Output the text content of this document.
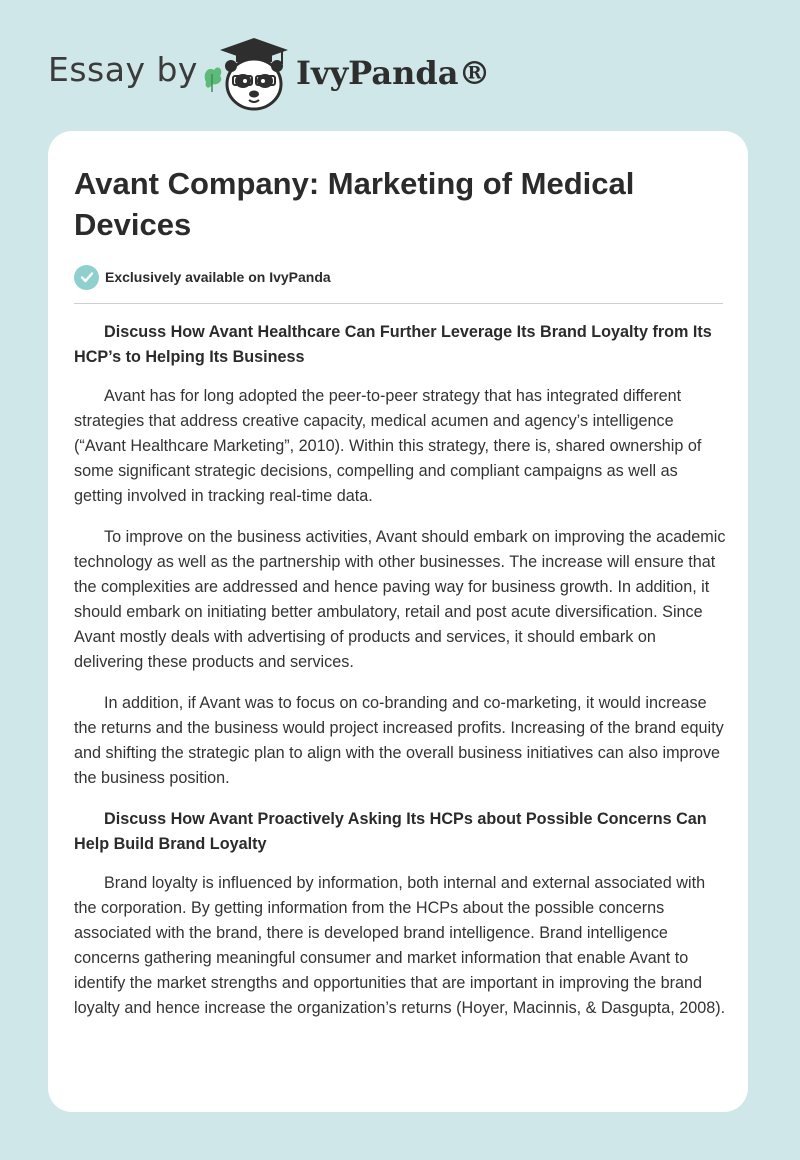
Essay by	IvyPanda®
Avant Company: Marketing of Medical Devices
Exclusively available on IvyPanda

Discuss How Avant Healthcare Can Further Leverage Its Brand Loyalty from Its HCP’s to Helping Its Business

Avant has for long adopted the peer-to-peer strategy that has integrated different strategies that address creative capacity, medical acumen and agency’s intelligence (“Avant Healthcare Marketing”, 2010). Within this strategy, there is, shared ownership of some significant strategic decisions, compelling and compliant campaigns as well as getting involved in tracking real-time data.

To improve on the business activities, Avant should embark on improving the academic technology as well as the partnership with other businesses. The increase will ensure that the complexities are addressed and hence paving way for business growth. In addition, it should embark on initiating better ambulatory, retail and post acute diversification. Since Avant mostly deals with advertising of products and services, it should embark on delivering these products and services.

In addition, if Avant was to focus on co-branding and co-marketing, it would increase the returns and the business would project increased profits. Increasing of the brand equity and shifting the strategic plan to align with the overall business initiatives can also improve the business position.

Discuss How Avant Proactively Asking Its HCPs about Possible Concerns Can Help Build Brand Loyalty

Brand loyalty is influenced by information, both internal and external associated with the corporation. By getting information from the HCPs about the possible concerns associated with the brand, there is developed brand intelligence. Brand intelligence concerns gathering meaningful consumer and market information that enable Avant to identify the market strengths and opportunities that are important in improving the brand loyalty and hence increase the organization’s returns (Hoyer, Macinnis, & Dasgupta, 2008).
